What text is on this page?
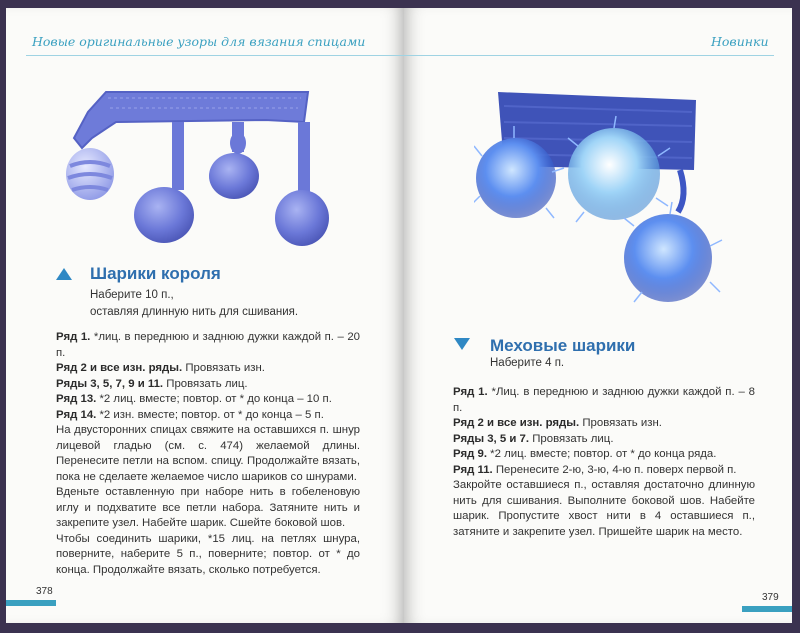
Новые оригинальные узоры для вязания спицами
Шарики короля
Наберите 10 п.,
оставляя длинную нить для сшивания.

Ряд 1. *лиц. в переднюю и заднюю дужки каждой п. – 20 п.

Ряд 2 и все изн. ряды. Провязать изн.

Ряды 3, 5, 7, 9 и 11. Провязать лиц.

Ряд 13. *2 лиц. вместе; повтор. от * до конца – 10 п.

Ряд 14. *2 изн. вместе; повтор. от * до конца – 5 п.

На двусторонних спицах свяжите на оставшихся п. шнур лицевой гладью (см. с. 474) желаемой длины. Перенесите петли на вспом. спицу. Продолжайте вязать, пока не сделаете желаемое число шариков со шнурами.

Вденьте оставленную при наборе нить в гобеленовую иглу и подхватите все петли набора. Затяните нить и закрепите узел. Набейте шарик. Сшейте боковой шов.

Чтобы соединить шарики, *15 лиц. на петлях шнура, поверните, наберите 5 п., поверните; повтор. от * до конца. Продолжайте вязать, сколько потребуется.

378
Новинки
Меховые шарики
Наберите 4 п.

Ряд 1. *Лиц. в переднюю и заднюю дужки каждой п. – 8 п.

Ряд 2 и все изн. ряды. Провязать изн.

Ряды 3, 5 и 7. Провязать лиц.

Ряд 9. *2 лиц. вместе; повтор. от * до конца ряда.

Ряд 11. Перенесите 2-ю, 3-ю, 4-ю п. поверх первой п.

Закройте оставшиеся п., оставляя достаточно длинную нить для сшивания. Выполните боковой шов. Набейте шарик. Пропустите хвост нити в 4 оставшиеся п., затяните и закрепите узел. Пришейте шарик на место.

379
